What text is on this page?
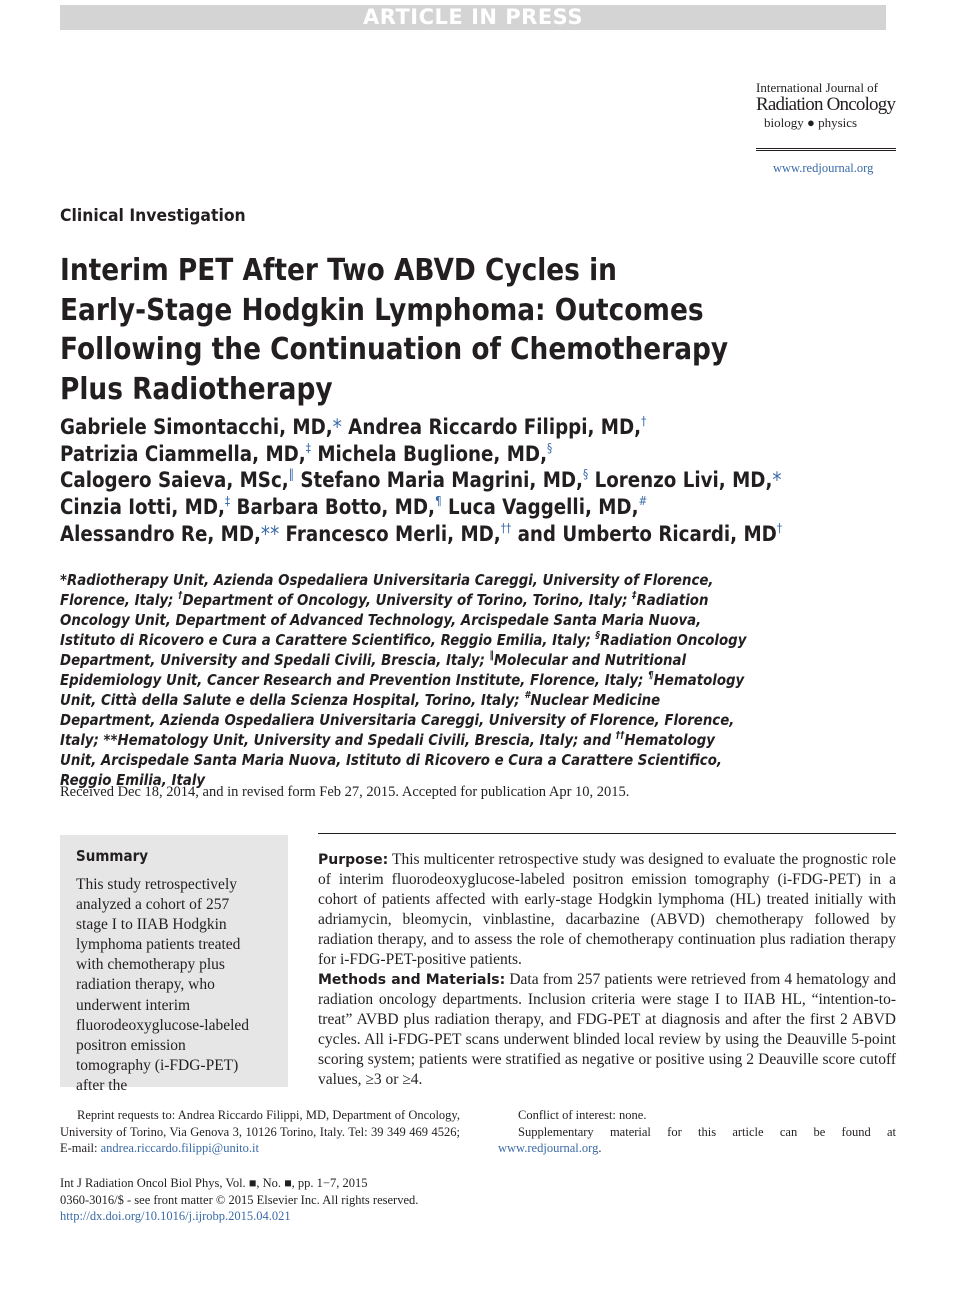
ARTICLE IN PRESS
International Journal of
Radiation Oncology
biology ● physics
www.redjournal.org
Clinical Investigation
Interim PET After Two ABVD Cycles in
Early-Stage Hodgkin Lymphoma: Outcomes
Following the Continuation of Chemotherapy
Plus Radiotherapy
Gabriele Simontacchi, MD,* Andrea Riccardo Filippi, MD,†
Patrizia Ciammella, MD,‡ Michela Buglione, MD,§
Calogero Saieva, MSc,‖ Stefano Maria Magrini, MD,§ Lorenzo Livi, MD,*
Cinzia Iotti, MD,‡ Barbara Botto, MD,¶ Luca Vaggelli, MD,#
Alessandro Re, MD,** Francesco Merli, MD,†† and Umberto Ricardi, MD†
*Radiotherapy Unit, Azienda Ospedaliera Universitaria Careggi, University of Florence, Florence, Italy; †Department of Oncology, University of Torino, Torino, Italy; ‡Radiation Oncology Unit, Department of Advanced Technology, Arcispedale Santa Maria Nuova, Istituto di Ricovero e Cura a Carattere Scientifico, Reggio Emilia, Italy; §Radiation Oncology Department, University and Spedali Civili, Brescia, Italy; ‖Molecular and Nutritional Epidemiology Unit, Cancer Research and Prevention Institute, Florence, Italy; ¶Hematology Unit, Città della Salute e della Scienza Hospital, Torino, Italy; #Nuclear Medicine Department, Azienda Ospedaliera Universitaria Careggi, University of Florence, Florence, Italy; **Hematology Unit, University and Spedali Civili, Brescia, Italy; and ††Hematology Unit, Arcispedale Santa Maria Nuova, Istituto di Ricovero e Cura a Carattere Scientifico, Reggio Emilia, Italy
Received Dec 18, 2014, and in revised form Feb 27, 2015. Accepted for publication Apr 10, 2015.
Summary
This study retrospectively analyzed a cohort of 257 stage I to IIAB Hodgkin lymphoma patients treated with chemotherapy plus radiation therapy, who underwent interim fluorodeoxyglucose-labeled positron emission tomography (i-FDG-PET) after the
Purpose: This multicenter retrospective study was designed to evaluate the prognostic role of interim fluorodeoxyglucose-labeled positron emission tomography (i-FDG-PET) in a cohort of patients affected with early-stage Hodgkin lymphoma (HL) treated initially with adriamycin, bleomycin, vinblastine, dacarbazine (ABVD) chemotherapy followed by radiation therapy, and to assess the role of chemotherapy continuation plus radiation therapy for i-FDG-PET-positive patients.
Methods and Materials: Data from 257 patients were retrieved from 4 hematology and radiation oncology departments. Inclusion criteria were stage I to IIAB HL, “intention-to-treat” AVBD plus radiation therapy, and FDG-PET at diagnosis and after the first 2 ABVD cycles. All i-FDG-PET scans underwent blinded local review by using the Deauville 5-point scoring system; patients were stratified as negative or positive using 2 Deauville score cutoff values, ≥3 or ≥4.
Reprint requests to: Andrea Riccardo Filippi, MD, Department of Oncology, University of Torino, Via Genova 3, 10126 Torino, Italy. Tel: 39 349 469 4526; E-mail: andrea.riccardo.filippi@unito.it
Conflict of interest: none.
Supplementary material for this article can be found at www.redjournal.org.
Int J Radiation Oncol Biol Phys, Vol. ■, No. ■, pp. 1−7, 2015
0360-3016/$ - see front matter © 2015 Elsevier Inc. All rights reserved.
http://dx.doi.org/10.1016/j.ijrobp.2015.04.021
